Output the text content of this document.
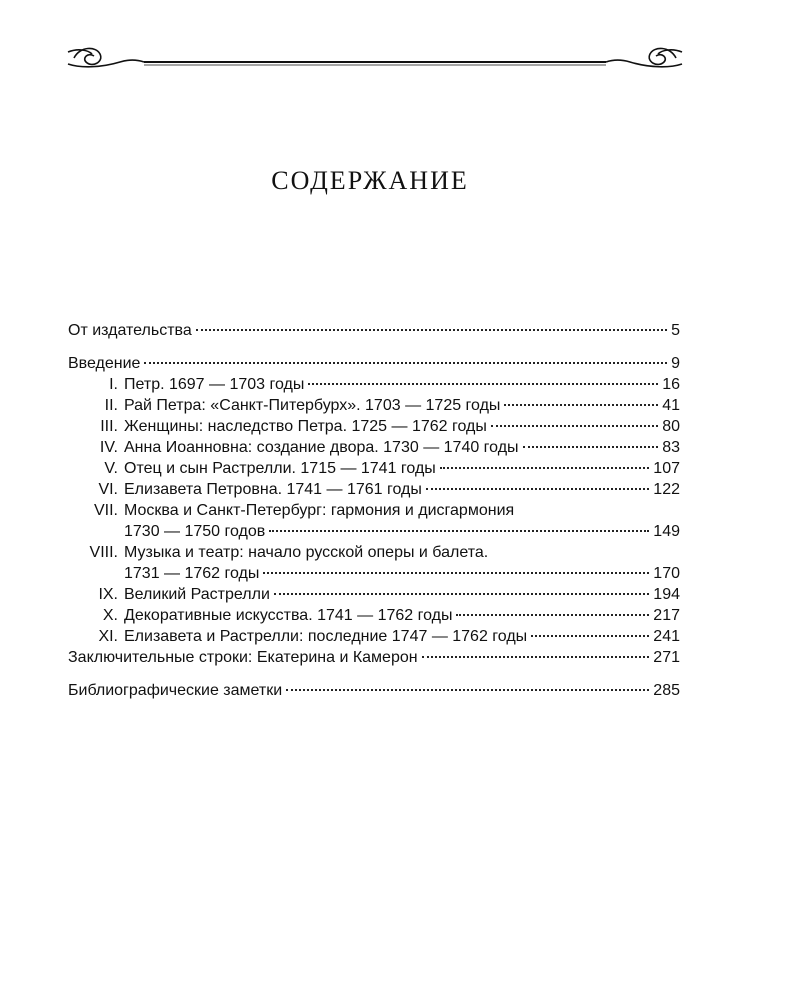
СОДЕРЖАНИЕ
От издательства	5
Введение	9
I. Петр. 1697 — 1703 годы	16
II. Рай Петра: «Санкт-Питербурх». 1703 — 1725 годы	41
III. Женщины: наследство Петра. 1725 — 1762 годы	80
IV. Анна Иоанновна: создание двора. 1730 — 1740 годы	83
V. Отец и сын Растрелли. 1715 — 1741 годы	107
VI. Елизавета Петровна. 1741 — 1761 годы	122
VII. Москва и Санкт-Петербург: гармония и дисгармония
1730 — 1750 годов	149
VIII. Музыка и театр: начало русской оперы и балета.
1731 — 1762 годы	170
IX. Великий Растрелли	194
X. Декоративные искусства. 1741 — 1762 годы	217
XI. Елизавета и Растрелли: последние 1747 — 1762 годы	241
Заключительные строки: Екатерина и Камерон	271
Библиографические заметки	285
